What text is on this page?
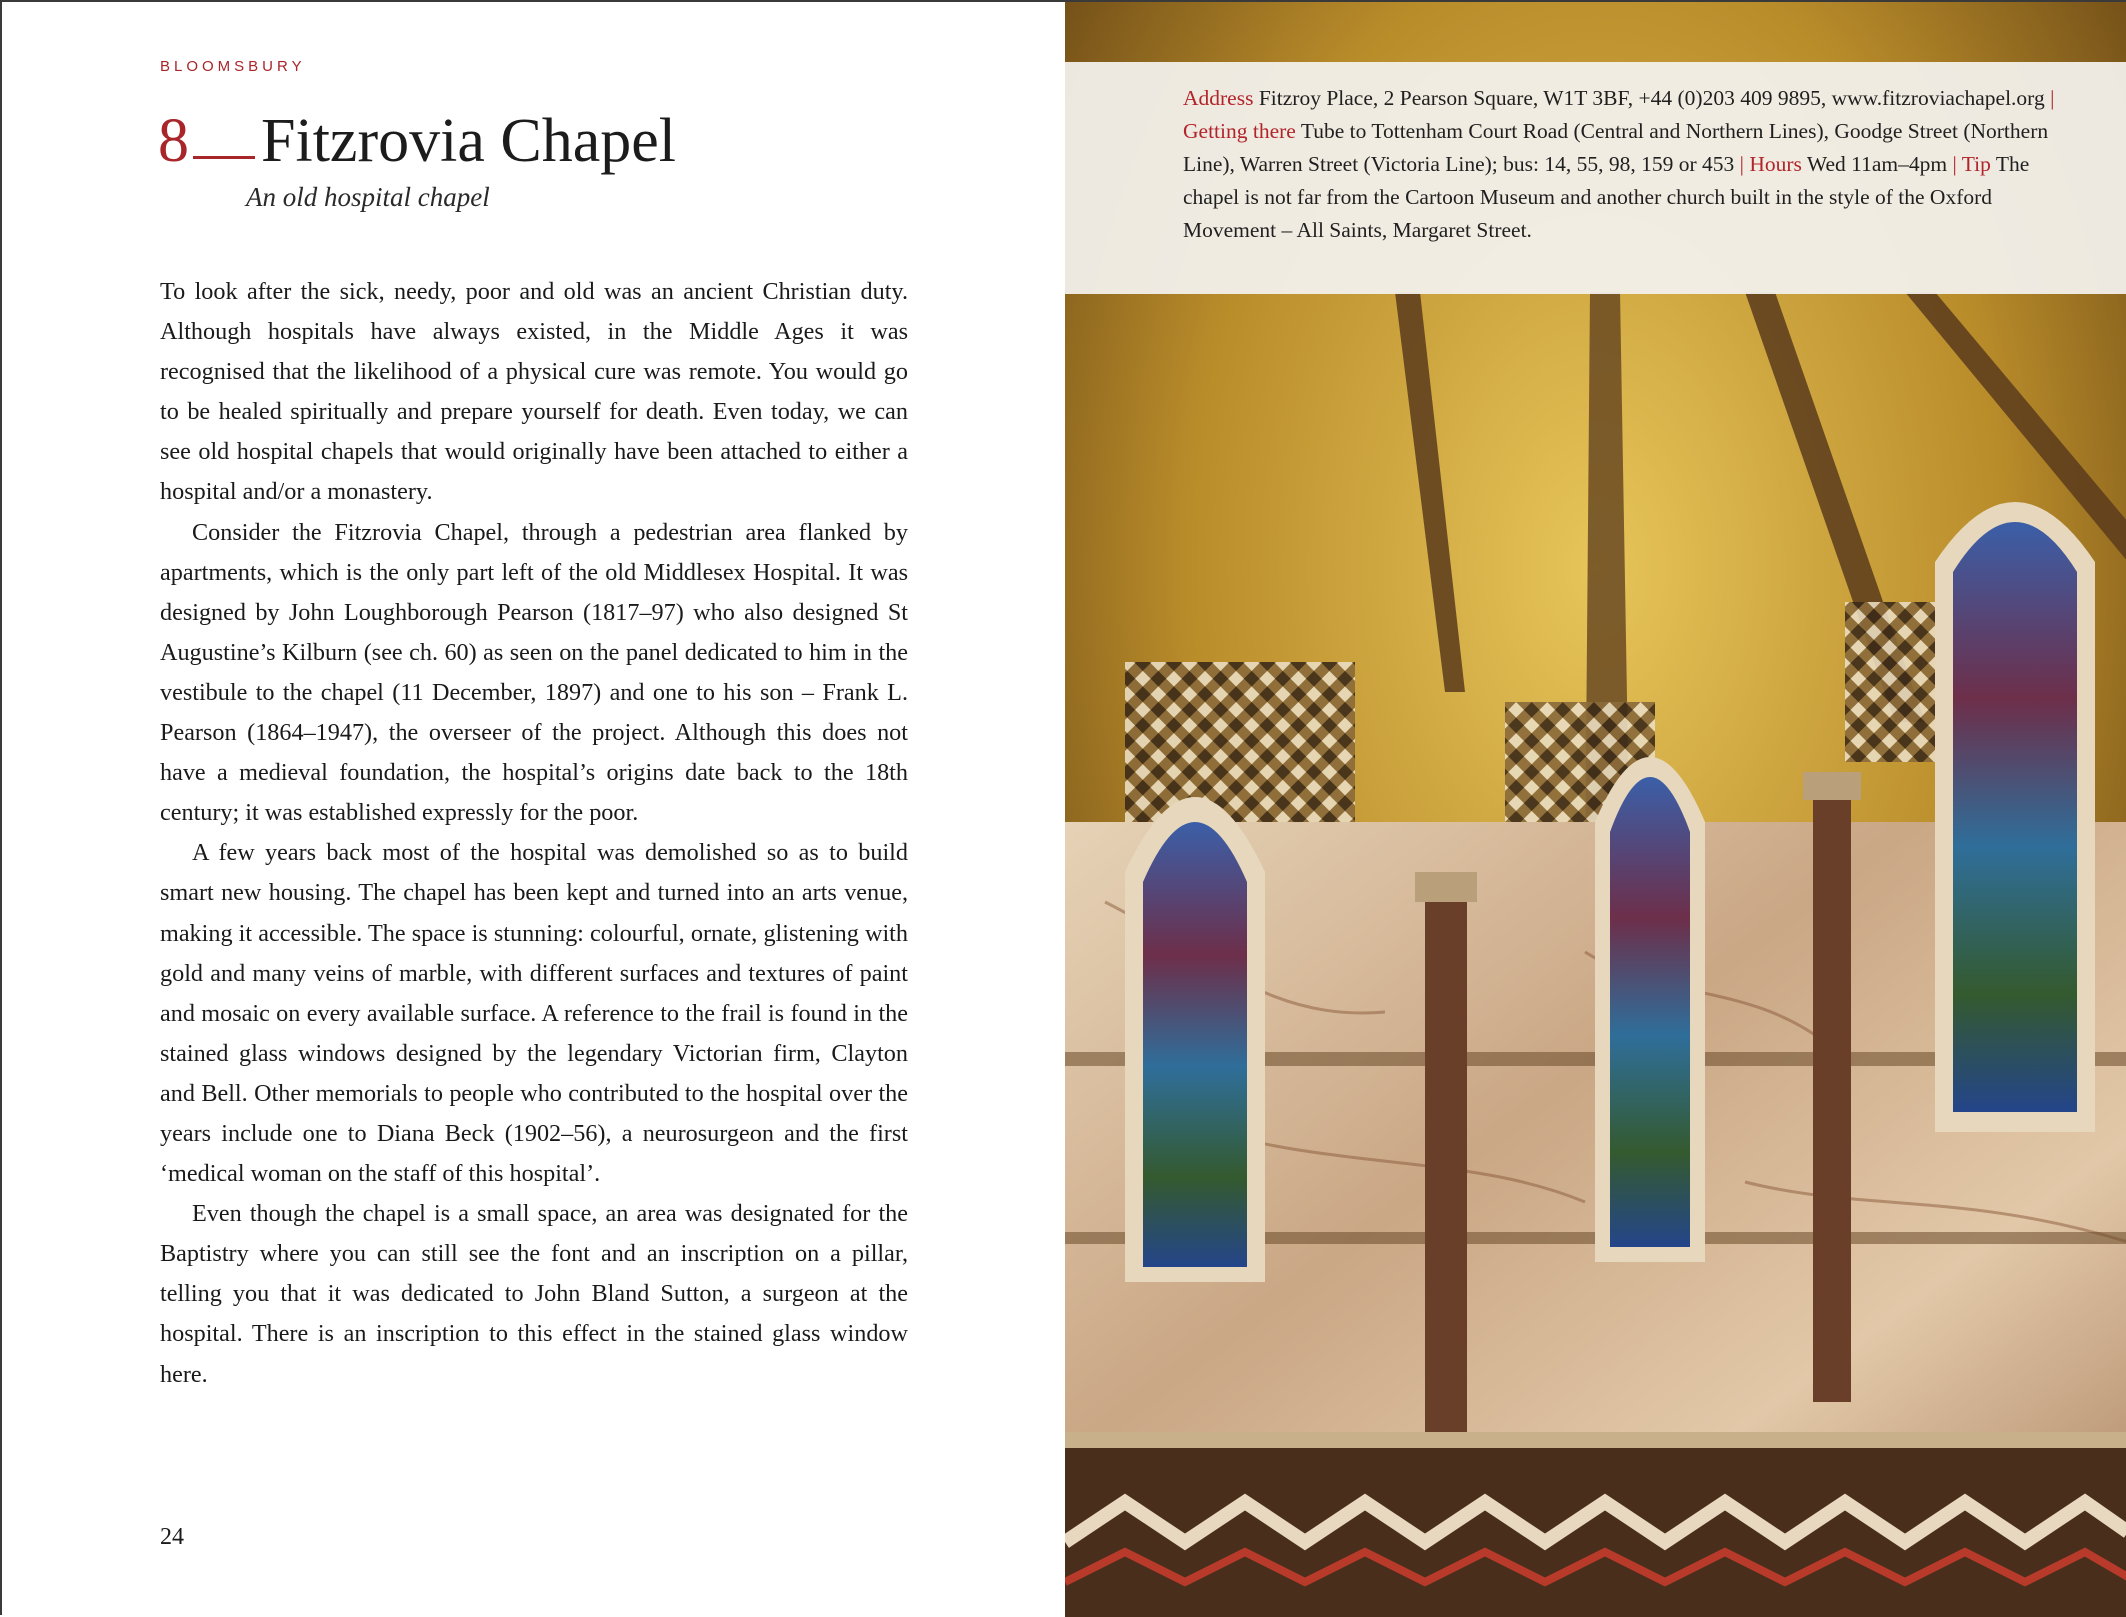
BLOOMSBURY
8 Fitzrovia Chapel
An old hospital chapel

To look after the sick, needy, poor and old was an ancient Christian duty. Although hospitals have always existed, in the Middle Ages it was recognised that the likelihood of a physical cure was remote. You would go to be healed spiritually and prepare yourself for death. Even today, we can see old hospital chapels that would originally have been attached to either a hospital and/or a monastery.

Consider the Fitzrovia Chapel, through a pedestrian area flanked by apartments, which is the only part left of the old Middlesex Hospital. It was designed by John Loughborough Pearson (1817–97) who also designed St Augustine’s Kilburn (see ch. 60) as seen on the panel dedicated to him in the vestibule to the chapel (11 December, 1897) and one to his son – Frank L. Pearson (1864–1947), the overseer of the project. Although this does not have a medieval foundation, the hospital’s origins date back to the 18th century; it was established expressly for the poor.

A few years back most of the hospital was demolished so as to build smart new housing. The chapel has been kept and turned into an arts venue, making it accessible. The space is stunning: colourful, ornate, glistening with gold and many veins of marble, with different surfaces and textures of paint and mosaic on every available surface. A reference to the frail is found in the stained glass windows designed by the legendary Victorian firm, Clayton and Bell. Other memorials to people who contributed to the hospital over the years include one to Diana Beck (1902–56), a neurosurgeon and the first ‘medical woman on the staff of this hospital’.

Even though the chapel is a small space, an area was designated for the Baptistry where you can still see the font and an inscription on a pillar, telling you that it was dedicated to John Bland Sutton, a surgeon at the hospital. There is an inscription to this effect in the stained glass window here.

24
Address Fitzroy Place, 2 Pearson Square, W1T 3BF, +44 (0)203 409 9895, www.fitzroviachapel.org | Getting there Tube to Tottenham Court Road (Central and Northern Lines), Goodge Street (Northern Line), Warren Street (Victoria Line); bus: 14, 55, 98, 159 or 453 | Hours Wed 11am–4pm | Tip The chapel is not far from the Cartoon Museum and another church built in the style of the Oxford Movement – All Saints, Margaret Street.
